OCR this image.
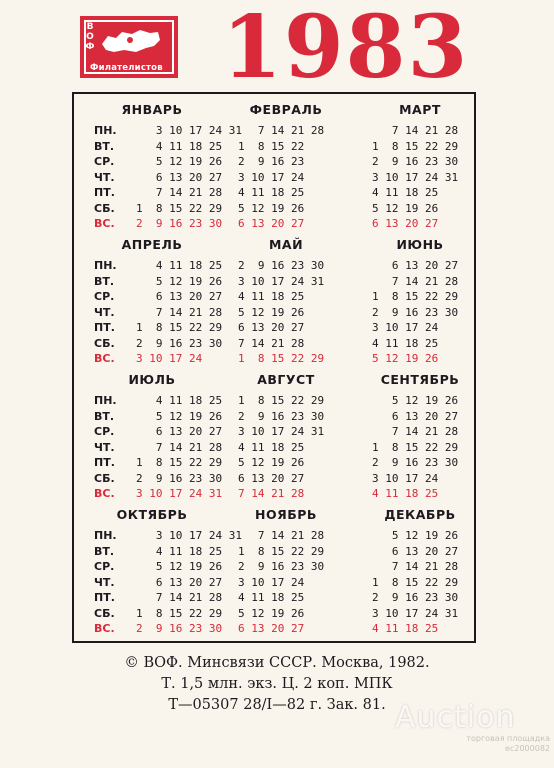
В
О
Ф
Филателистов 1983
ЯНВАРЬ
3 10 17 24 31
4 11 18 25
5 12 19 26
6 13 20 27
7 14 21 28
1  8 15 22 29
2  9 16 23 30
ФЕВРАЛЬ
7 14 21 28
1  8 15 22
2  9 16 23
3 10 17 24
4 11 18 25
5 12 19 26
6 13 20 27
МАРТ
7 14 21 28
1  8 15 22 29
2  9 16 23 30
3 10 17 24 31
4 11 18 25
5 12 19 26
6 13 20 27
АПРЕЛЬ
4 11 18 25
5 12 19 26
6 13 20 27
7 14 21 28
1  8 15 22 29
2  9 16 23 30
3 10 17 24
МАЙ
2  9 16 23 30
3 10 17 24 31
4 11 18 25
5 12 19 26
6 13 20 27
7 14 21 28
1  8 15 22 29
ИЮНЬ
6 13 20 27
7 14 21 28
1  8 15 22 29
2  9 16 23 30
3 10 17 24
4 11 18 25
5 12 19 26
ИЮЛЬ
4 11 18 25
5 12 19 26
6 13 20 27
7 14 21 28
1  8 15 22 29
2  9 16 23 30
3 10 17 24 31
АВГУСТ
1  8 15 22 29
2  9 16 23 30
3 10 17 24 31
4 11 18 25
5 12 19 26
6 13 20 27
7 14 21 28
СЕНТЯБРЬ
5 12 19 26
6 13 20 27
7 14 21 28
1  8 15 22 29
2  9 16 23 30
3 10 17 24
4 11 18 25
ОКТЯБРЬ
3 10 17 24 31
4 11 18 25
5 12 19 26
6 13 20 27
7 14 21 28
1  8 15 22 29
2  9 16 23 30
НОЯБРЬ
7 14 21 28
1  8 15 22 29
2  9 16 23 30
3 10 17 24
4 11 18 25
5 12 19 26
6 13 20 27
ДЕКАБРЬ
5 12 19 26
6 13 20 27
7 14 21 28
1  8 15 22 29
2  9 16 23 30
3 10 17 24 31
4 11 18 25
ПН.
ВТ.
СР.
ЧТ.
ПТ.
СБ.
ВС.
ПН.
ВТ.
СР.
ЧТ.
ПТ.
СБ.
ВС.
ПН.
ВТ.
СР.
ЧТ.
ПТ.
СБ.
ВС.
ПН.
ВТ.
СР.
ЧТ.
ПТ.
СБ.
ВС.
© ВОФ. Минсвязи СССР. Москва, 1982.
Т. 1,5 млн. экз. Ц. 2 коп. МПК
Т—05307 28/I—82 г. Зак. 81. Auction
торговая площадка
ec2000082
